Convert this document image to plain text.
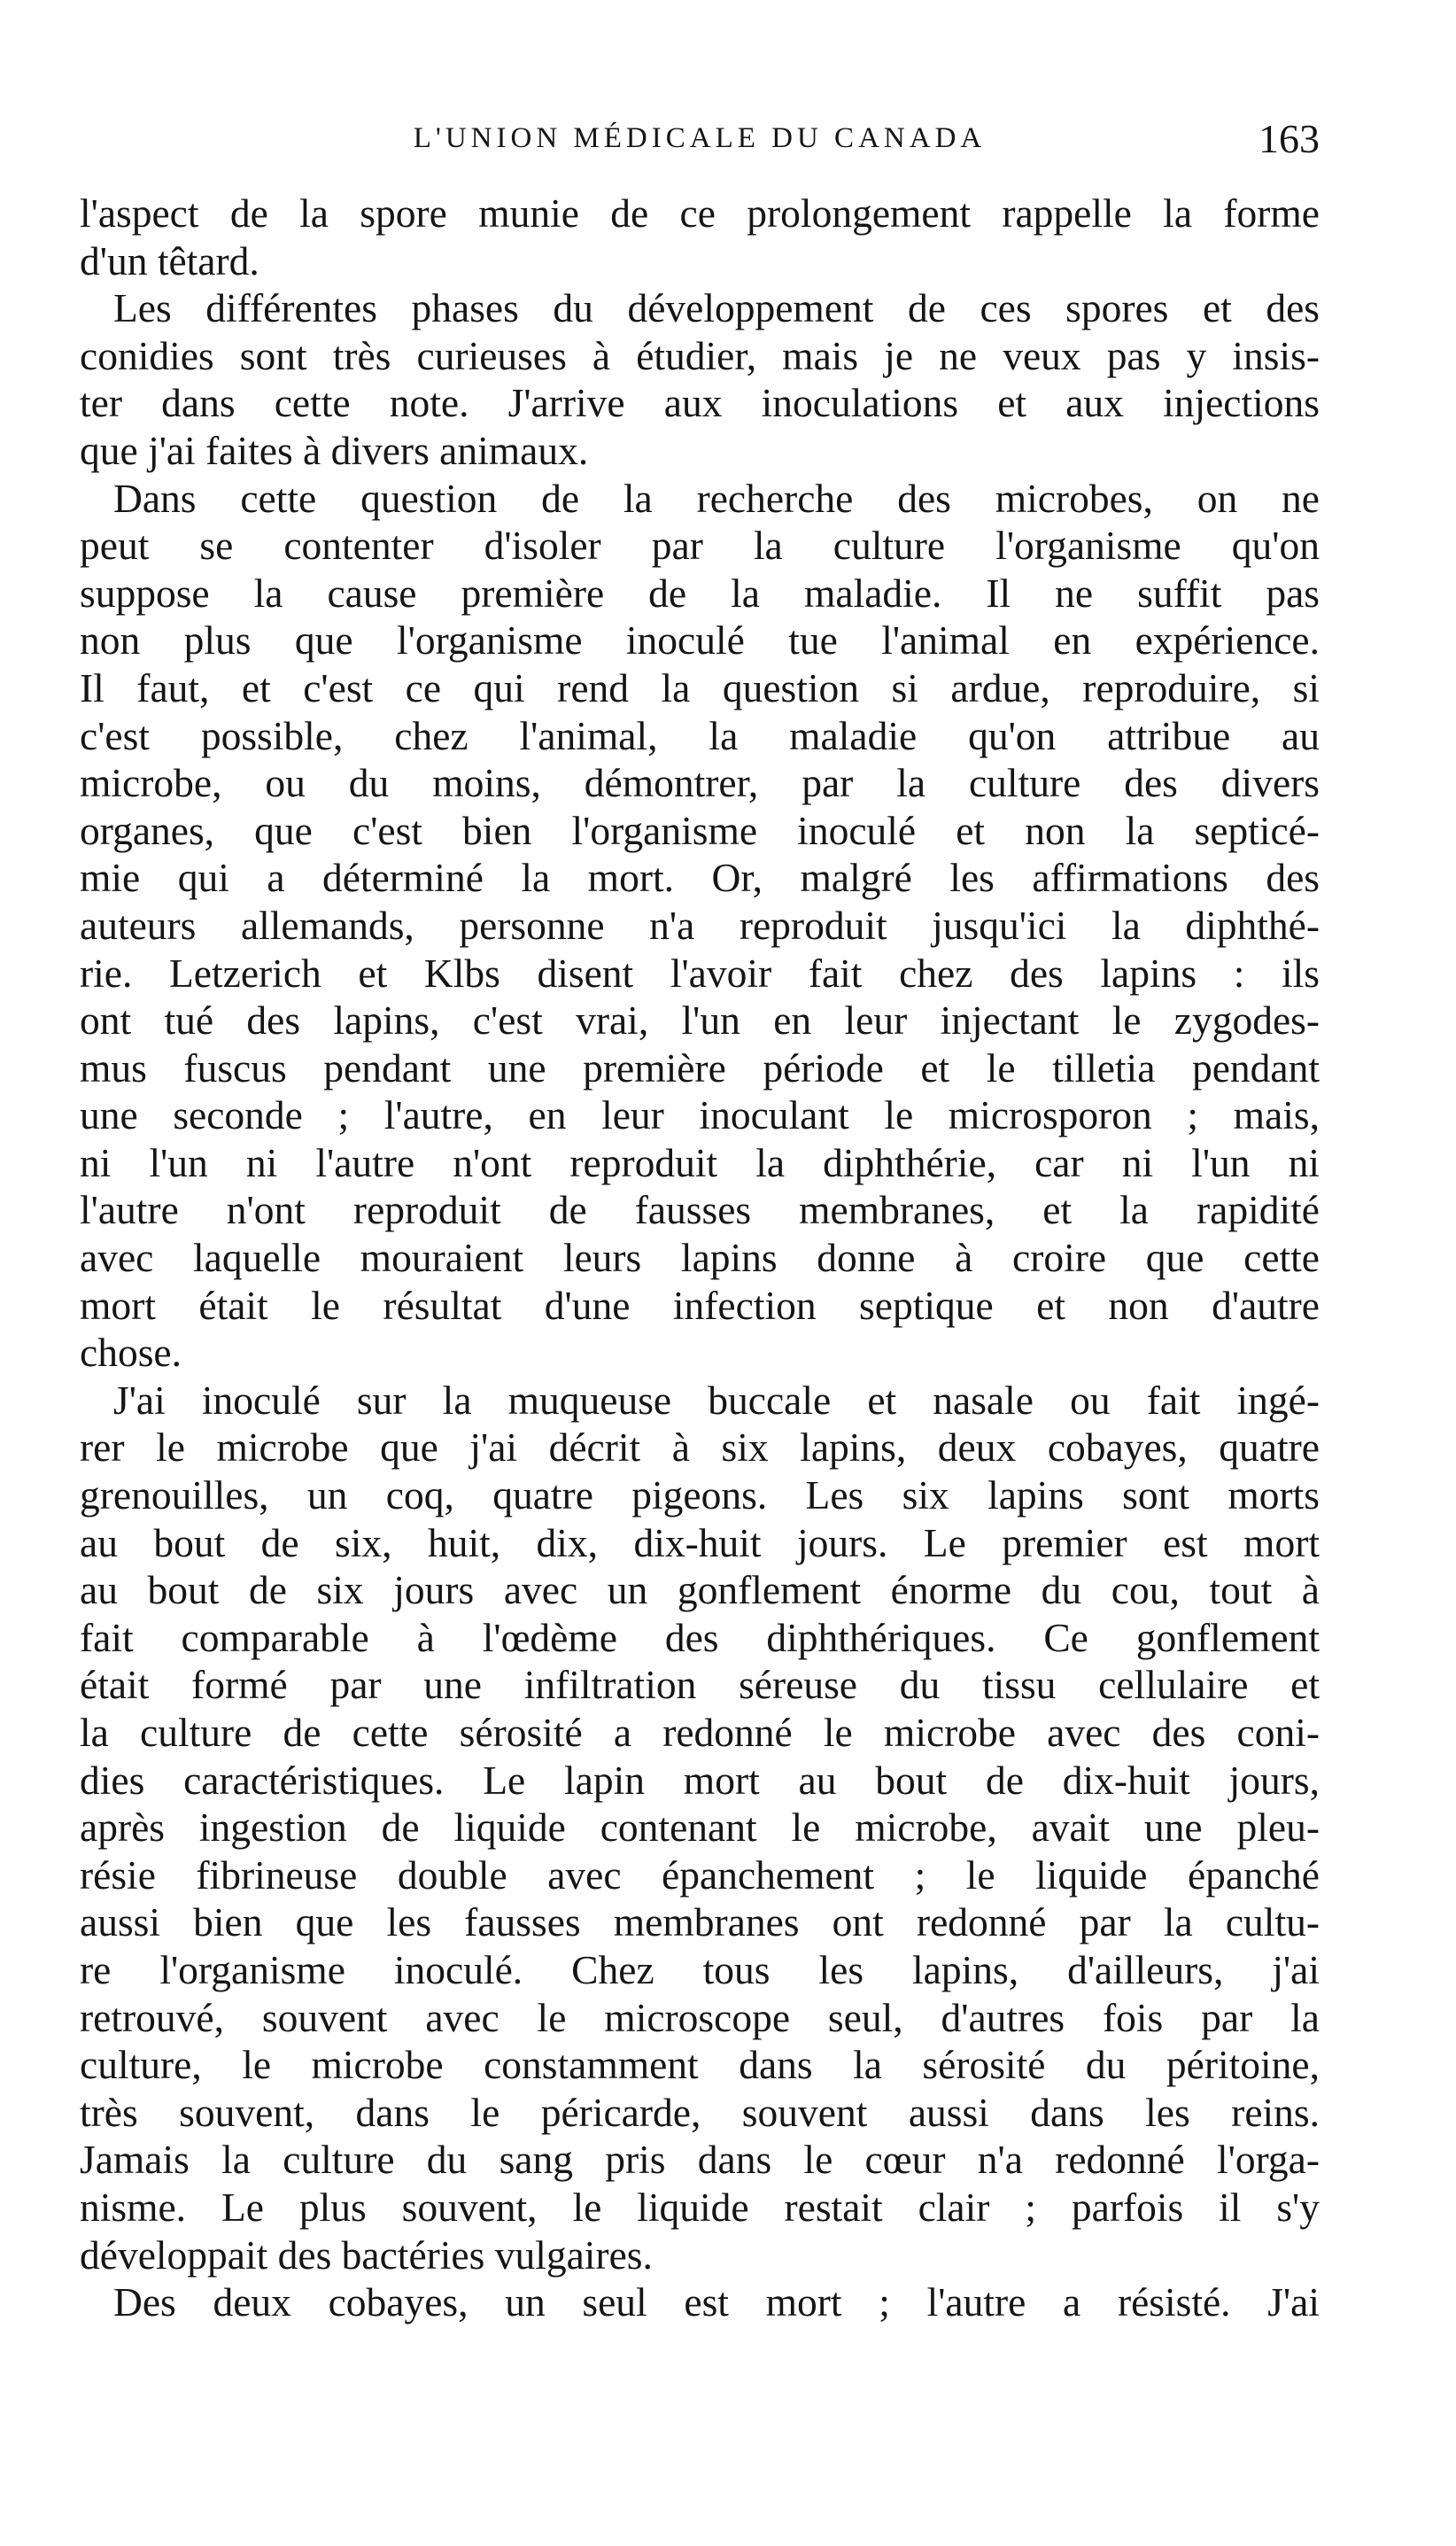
L'UNION MÉDICALE DU CANADA	163
l'aspect de la spore munie de ce prolongement rappelle la forme
d'un têtard.
Les différentes phases du développement de ces spores et des
conidies sont très curieuses à étudier, mais je ne veux pas y insis-
ter dans cette note. J'arrive aux inoculations et aux injections
que j'ai faites à divers animaux.
Dans cette question de la recherche des microbes, on ne
peut se contenter d'isoler par la culture l'organisme qu'on
suppose la cause première de la maladie. Il ne suffit pas
non plus que l'organisme inoculé tue l'animal en expérience.
Il faut, et c'est ce qui rend la question si ardue, reproduire, si
c'est possible, chez l'animal, la maladie qu'on attribue au
microbe, ou du moins, démontrer, par la culture des divers
organes, que c'est bien l'organisme inoculé et non la septicé-
mie qui a déterminé la mort. Or, malgré les affirmations des
auteurs allemands, personne n'a reproduit jusqu'ici la diphthé-
rie. Letzerich et Klbs disent l'avoir fait chez des lapins : ils
ont tué des lapins, c'est vrai, l'un en leur injectant le zygodes-
mus fuscus pendant une première période et le tilletia pendant
une seconde ; l'autre, en leur inoculant le microsporon ; mais,
ni l'un ni l'autre n'ont reproduit la diphthérie, car ni l'un ni
l'autre n'ont reproduit de fausses membranes, et la rapidité
avec laquelle mouraient leurs lapins donne à croire que cette
mort était le résultat d'une infection septique et non d'autre
chose.
J'ai inoculé sur la muqueuse buccale et nasale ou fait ingé-
rer le microbe que j'ai décrit à six lapins, deux cobayes, quatre
grenouilles, un coq, quatre pigeons. Les six lapins sont morts
au bout de six, huit, dix, dix-huit jours. Le premier est mort
au bout de six jours avec un gonflement énorme du cou, tout à
fait comparable à l'œdème des diphthériques. Ce gonflement
était formé par une infiltration séreuse du tissu cellulaire et
la culture de cette sérosité a redonné le microbe avec des coni-
dies caractéristiques. Le lapin mort au bout de dix-huit jours,
après ingestion de liquide contenant le microbe, avait une pleu-
résie fibrineuse double avec épanchement ; le liquide épanché
aussi bien que les fausses membranes ont redonné par la cultu-
re l'organisme inoculé. Chez tous les lapins, d'ailleurs, j'ai
retrouvé, souvent avec le microscope seul, d'autres fois par la
culture, le microbe constamment dans la sérosité du péritoine,
très souvent, dans le péricarde, souvent aussi dans les reins.
Jamais la culture du sang pris dans le cœur n'a redonné l'orga-
nisme. Le plus souvent, le liquide restait clair ; parfois il s'y
développait des bactéries vulgaires.
Des deux cobayes, un seul est mort ; l'autre a résisté. J'ai
